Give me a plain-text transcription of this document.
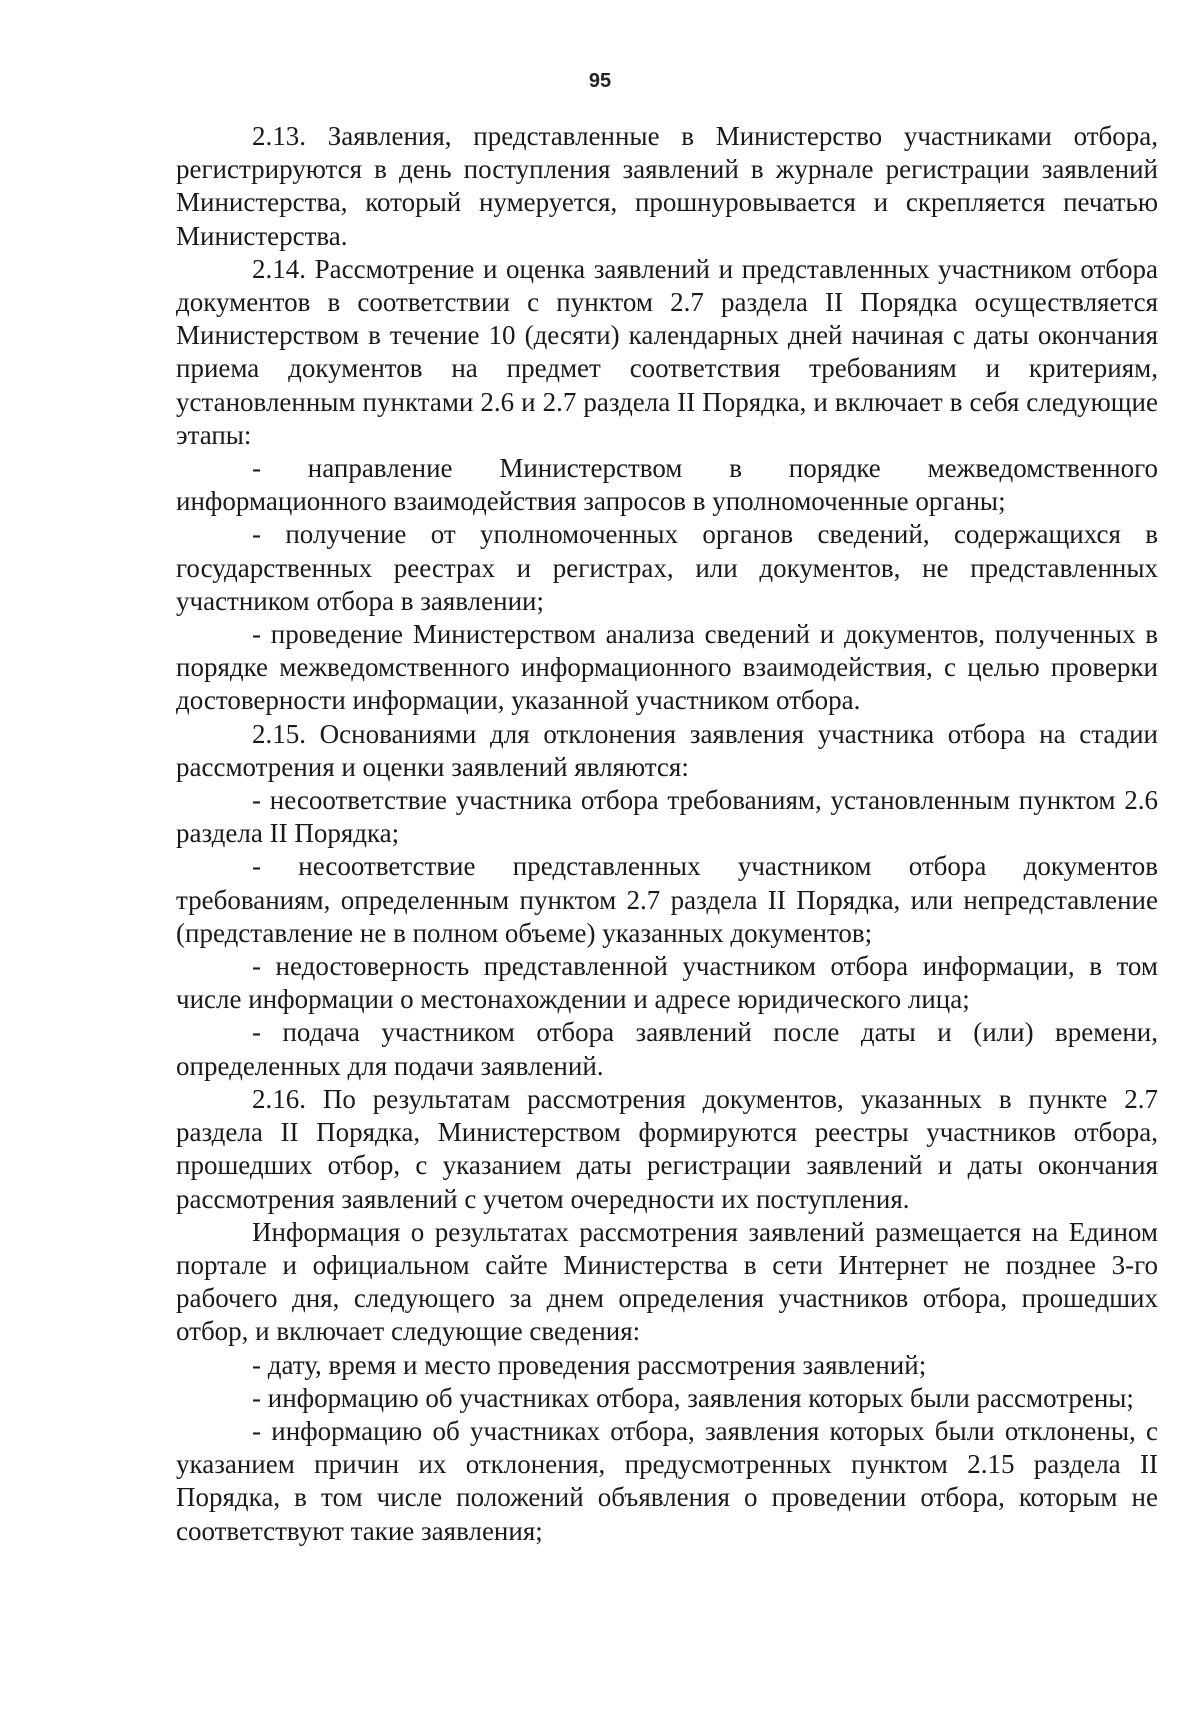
95

2.13. Заявления, представленные в Министерство участниками отбора, регистрируются в день поступления заявлений в журнале регистрации заявлений Министерства, который нумеруется, прошнуровывается и скрепляется печатью Министерства.

2.14. Рассмотрение и оценка заявлений и представленных участником отбора документов в соответствии с пунктом 2.7 раздела II Порядка осуществляется Министерством в течение 10 (десяти) календарных дней начиная с даты окончания приема документов на предмет соответствия требованиям и критериям, установленным пунктами 2.6 и 2.7 раздела II Порядка, и включает в себя следующие этапы:

- направление Министерством в порядке межведомственного информационного взаимодействия запросов в уполномоченные органы;

- получение от уполномоченных органов сведений, содержащихся в государственных реестрах и регистрах, или документов, не представленных участником отбора в заявлении;

- проведение Министерством анализа сведений и документов, полученных в порядке межведомственного информационного взаимодействия, с целью проверки достоверности информации, указанной участником отбора.

2.15. Основаниями для отклонения заявления участника отбора на стадии рассмотрения и оценки заявлений являются:

- несоответствие участника отбора требованиям, установленным пунктом 2.6 раздела II Порядка;

- несоответствие представленных участником отбора документов требованиям, определенным пунктом 2.7 раздела II Порядка, или непредставление (представление не в полном объеме) указанных документов;

- недостоверность представленной участником отбора информации, в том числе информации о местонахождении и адресе юридического лица;

- подача участником отбора заявлений после даты и (или) времени, определенных для подачи заявлений.

2.16. По результатам рассмотрения документов, указанных в пункте 2.7 раздела II Порядка, Министерством формируются реестры участников отбора, прошедших отбор, с указанием даты регистрации заявлений и даты окончания рассмотрения заявлений с учетом очередности их поступления.

Информация о результатах рассмотрения заявлений размещается на Едином портале и официальном сайте Министерства в сети Интернет не позднее 3-го рабочего дня, следующего за днем определения участников отбора, прошедших отбор, и включает следующие сведения:

- дату, время и место проведения рассмотрения заявлений;

- информацию об участниках отбора, заявления которых были рассмотрены;

- информацию об участниках отбора, заявления которых были отклонены, с указанием причин их отклонения, предусмотренных пунктом 2.15 раздела II Порядка, в том числе положений объявления о проведении отбора, которым не соответствуют такие заявления;
